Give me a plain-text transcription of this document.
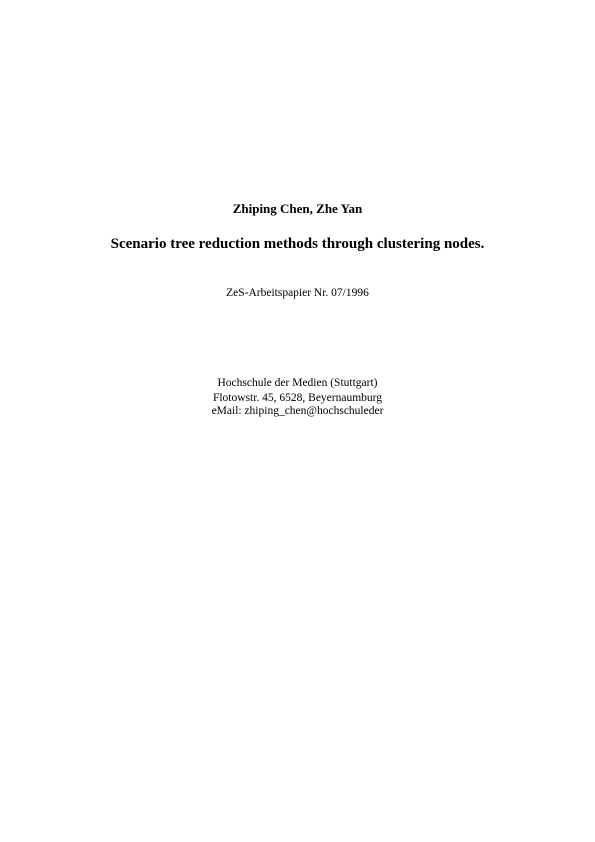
Zhiping Chen, Zhe Yan
Scenario tree reduction methods through clustering nodes.
ZeS-Arbeitspapier Nr. 07/1996
Hochschule der Medien (Stuttgart)
Flotowstr. 45, 6528, Beyernaumburg
eMail: zhiping_chen@hochschuleder
